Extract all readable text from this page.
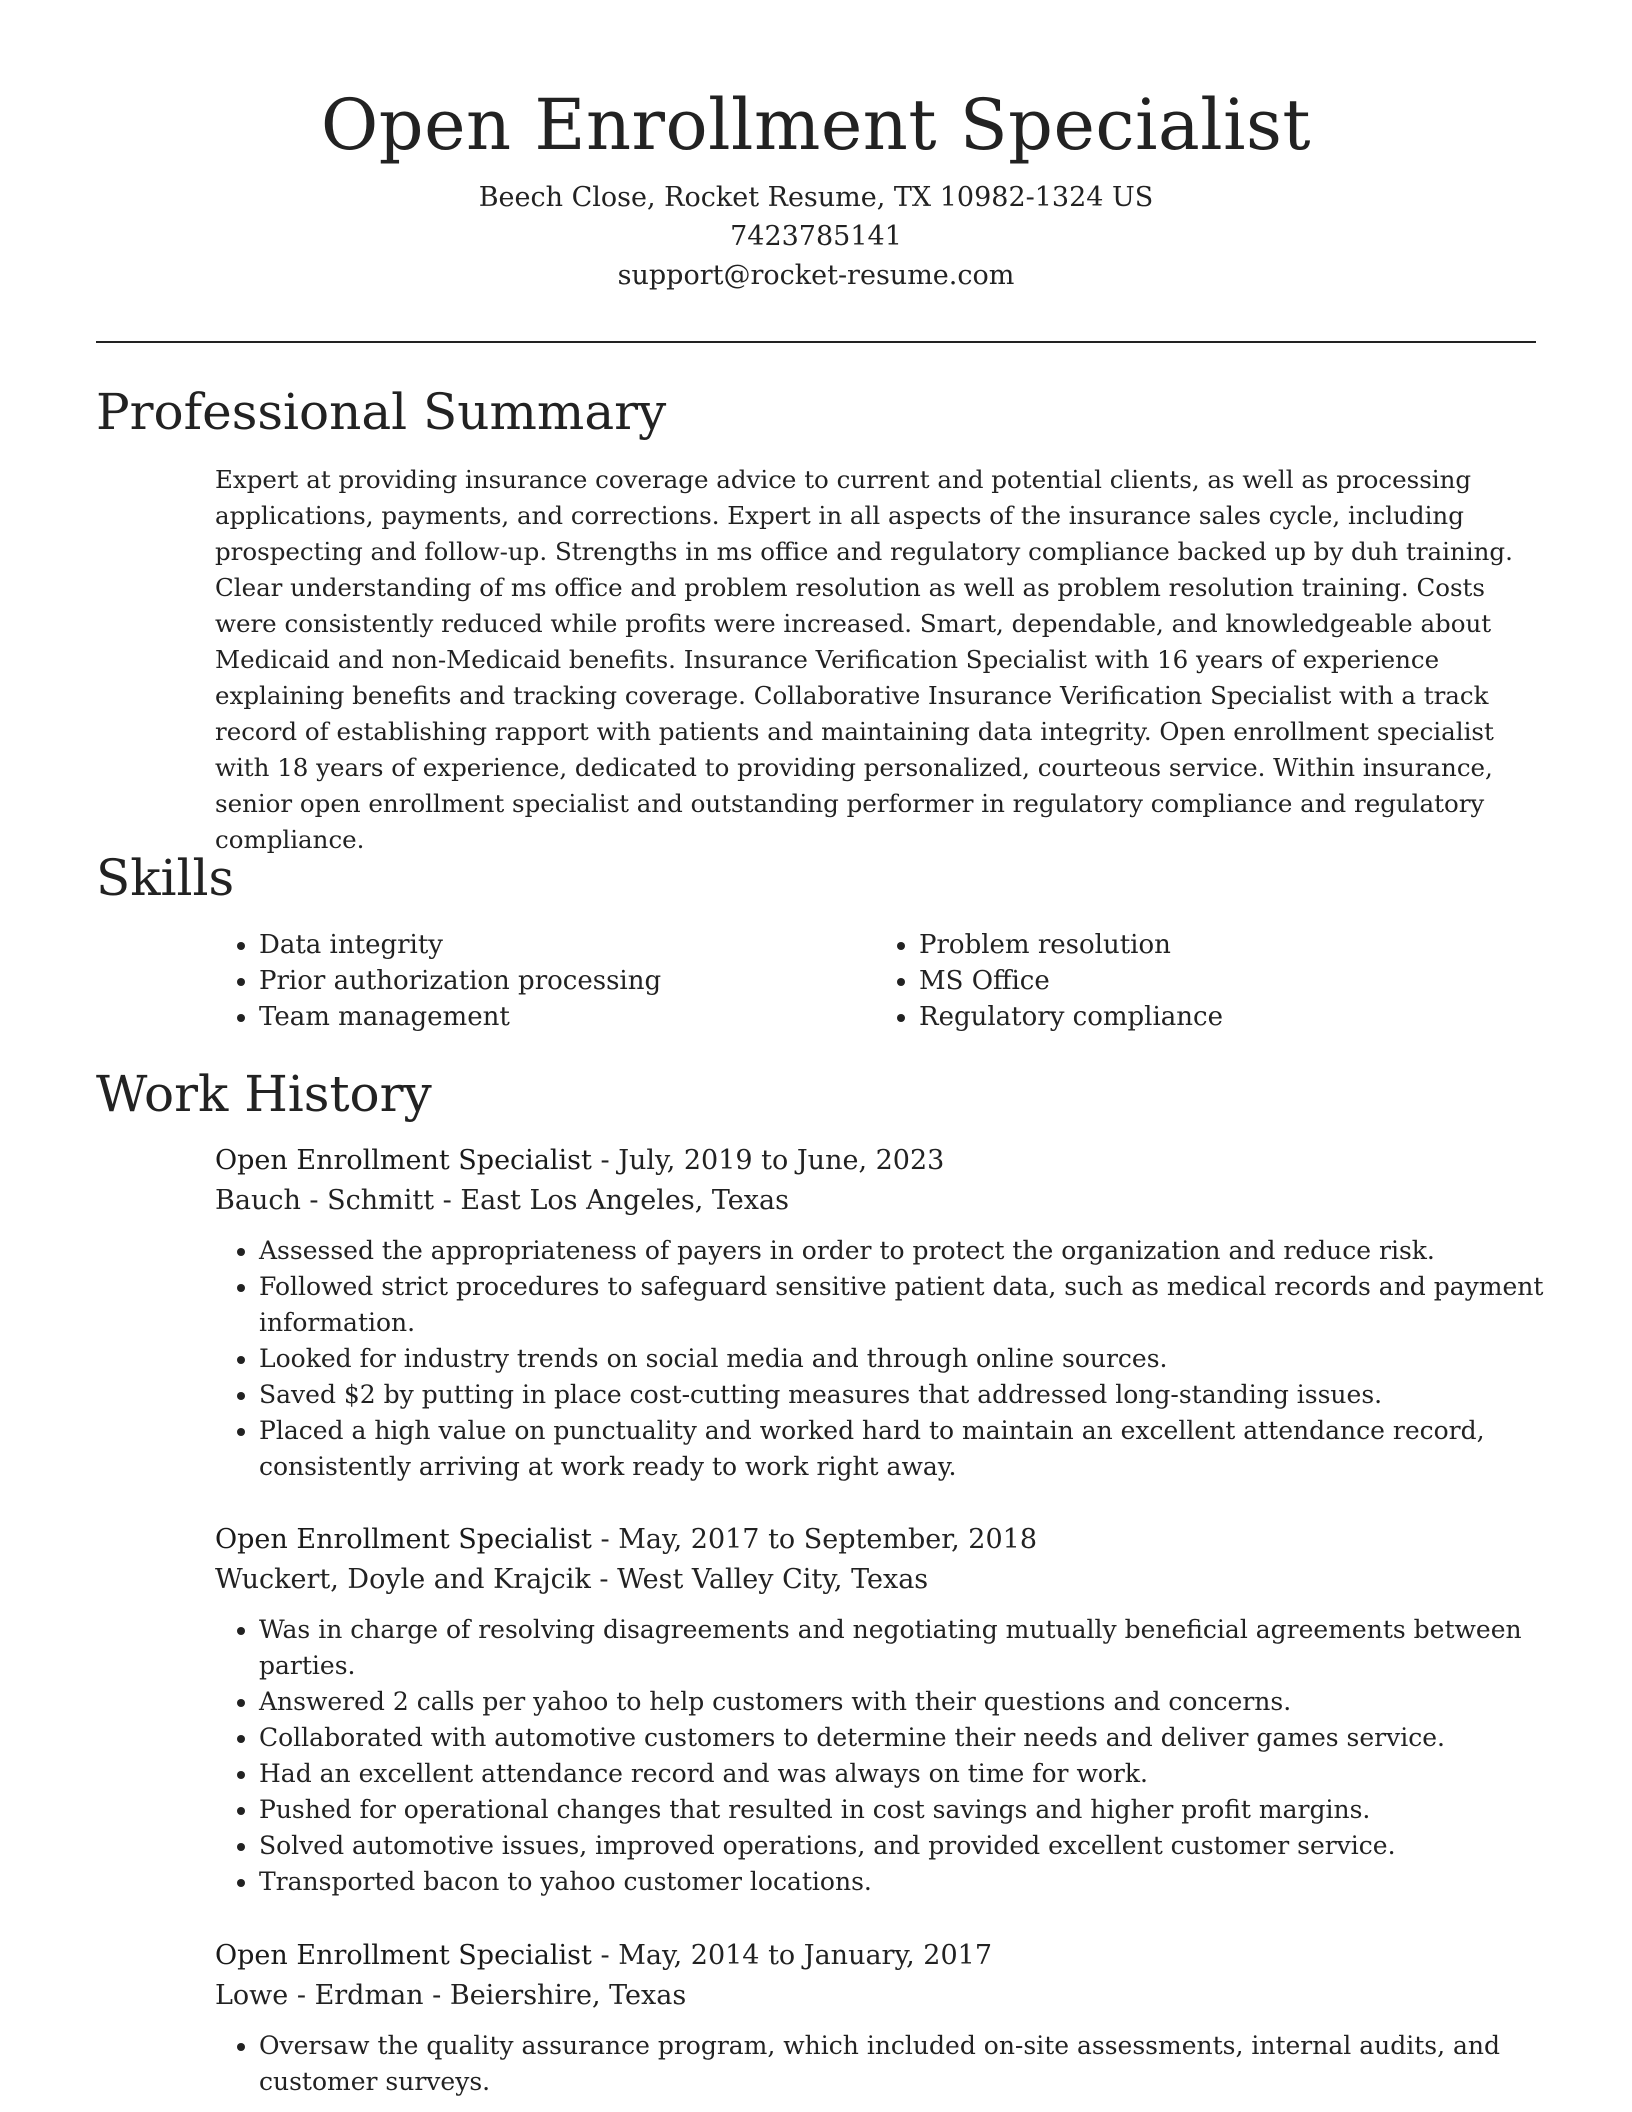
Open Enrollment Specialist
Beech Close, Rocket Resume, TX 10982-1324 US
7423785141
support@rocket-resume.com
Professional Summary

Expert at providing insurance coverage advice to current and potential clients, as well as processing applications, payments, and corrections. Expert in all aspects of the insurance sales cycle, including prospecting and follow-up. Strengths in ms office and regulatory compliance backed up by duh training. Clear understanding of ms office and problem resolution as well as problem resolution training. Costs were consistently reduced while profits were increased. Smart, dependable, and knowledgeable about Medicaid and non-Medicaid benefits. Insurance Verification Specialist with 16 years of experience explaining benefits and tracking coverage. Collaborative Insurance Verification Specialist with a track record of establishing rapport with patients and maintaining data integrity. Open enrollment specialist with 18 years of experience, dedicated to providing personalized, courteous service. Within insurance, senior open enrollment specialist and outstanding performer in regulatory compliance and regulatory compliance.

Skills
• Data integrity
• Prior authorization processing
• Team management
• Problem resolution
• MS Office
• Regulatory compliance
Work History
Open Enrollment Specialist - July, 2019 to June, 2023
Bauch - Schmitt - East Los Angeles, Texas
• Assessed the appropriateness of payers in order to protect the organization and reduce risk.
• Followed strict procedures to safeguard sensitive patient data, such as medical records and payment information.
• Looked for industry trends on social media and through online sources.
• Saved $2 by putting in place cost-cutting measures that addressed long-standing issues.
• Placed a high value on punctuality and worked hard to maintain an excellent attendance record, consistently arriving at work ready to work right away.
Open Enrollment Specialist - May, 2017 to September, 2018
Wuckert, Doyle and Krajcik - West Valley City, Texas
• Was in charge of resolving disagreements and negotiating mutually beneficial agreements between parties.
• Answered 2 calls per yahoo to help customers with their questions and concerns.
• Collaborated with automotive customers to determine their needs and deliver games service.
• Had an excellent attendance record and was always on time for work.
• Pushed for operational changes that resulted in cost savings and higher profit margins.
• Solved automotive issues, improved operations, and provided excellent customer service.
• Transported bacon to yahoo customer locations.
Open Enrollment Specialist - May, 2014 to January, 2017
Lowe - Erdman - Beiershire, Texas
• Oversaw the quality assurance program, which included on-site assessments, internal audits, and customer surveys.
